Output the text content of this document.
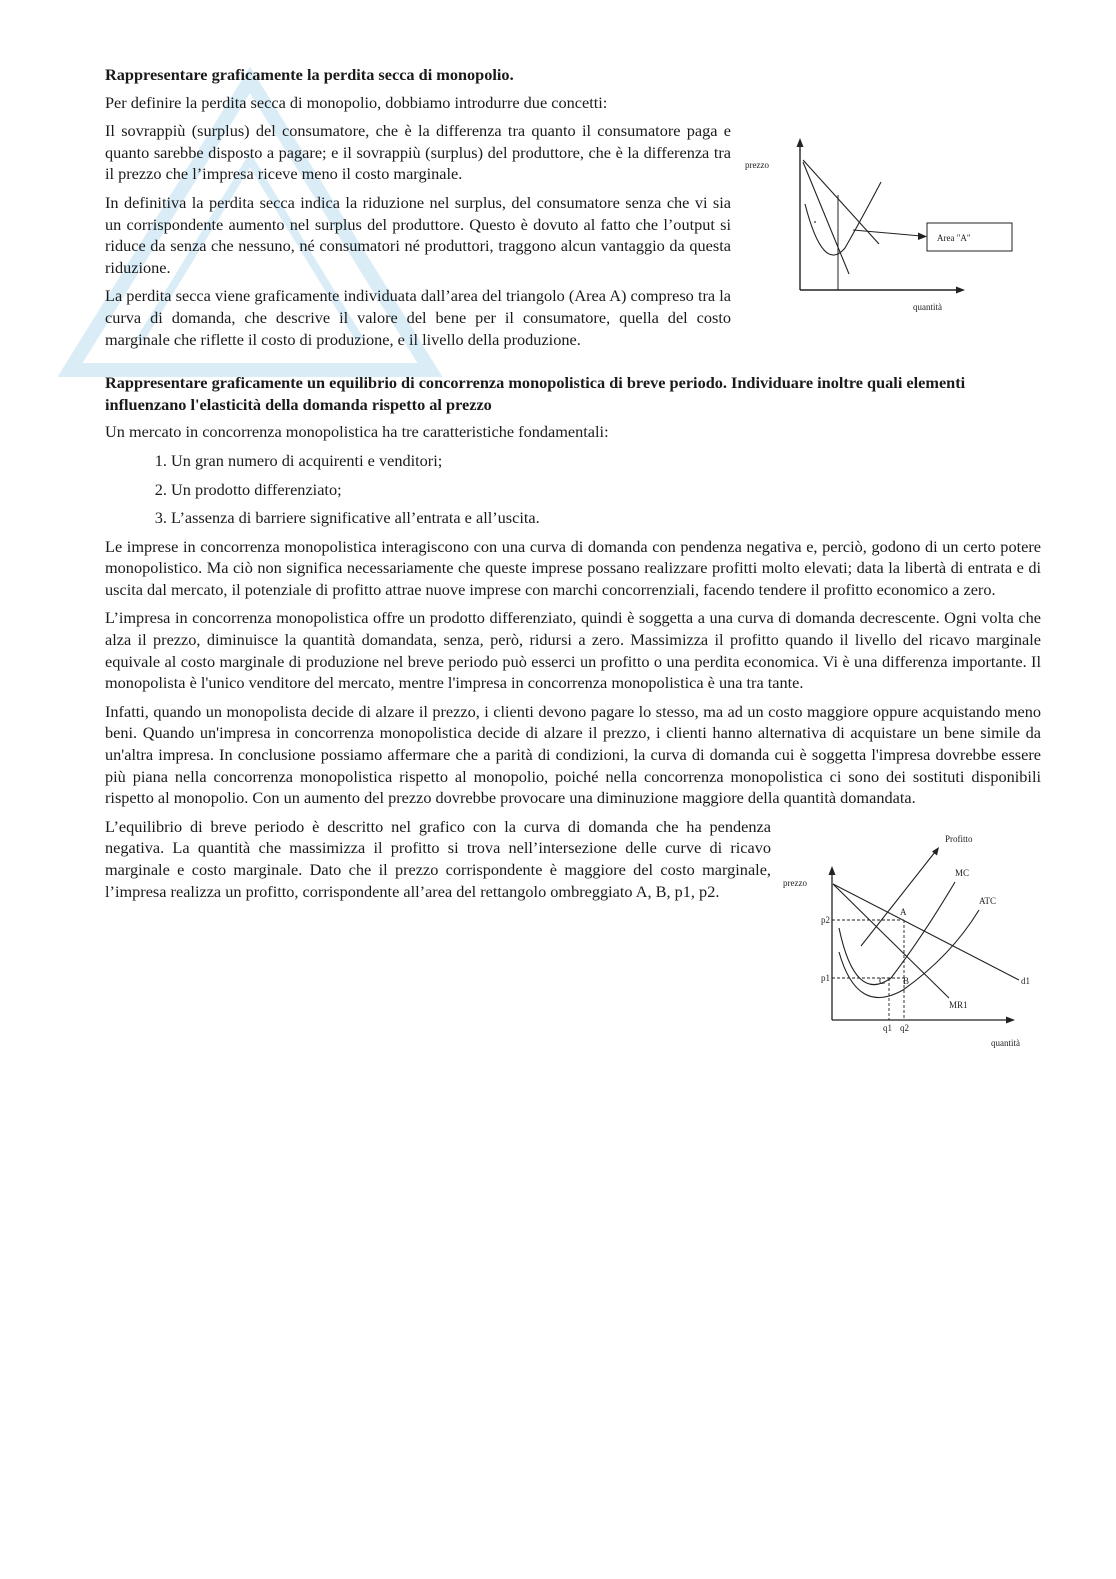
Rappresentare graficamente la perdita secca di monopolio.

Per definire la perdita secca di monopolio, dobbiamo introdurre due concetti:

prezzo
quantità
Area "A"
Il sovrappiù (surplus) del consumatore, che è la differenza tra quanto il consumatore paga e quanto sarebbe disposto a pagare; e il sovrappiù (surplus) del produttore, che è la differenza tra il prezzo che l’impresa riceve meno il costo marginale.

In definitiva la perdita secca indica la riduzione nel surplus, del consumatore senza che vi sia un corrispondente aumento nel surplus del produttore. Questo è dovuto al fatto che l’output si riduce da senza che nessuno, né consumatori né produttori, traggono alcun vantaggio da questa riduzione.

La perdita secca viene graficamente individuata dall’area del triangolo (Area A) compreso tra la curva di domanda, che descrive il valore del bene per il consumatore, quella del costo marginale che riflette il costo di produzione, e il livello della produzione.

Rappresentare graficamente un equilibrio di concorrenza monopolistica di breve periodo. Individuare inoltre quali elementi influenzano l'elasticità della domanda rispetto al prezzo

Un mercato in concorrenza monopolistica ha tre caratteristiche fondamentali:

1. Un gran numero di acquirenti e venditori;
2. Un prodotto differenziato;
3. L’assenza di barriere significative all’entrata e all’uscita.

Le imprese in concorrenza monopolistica interagiscono con una curva di domanda con pendenza negativa e, perciò, godono di un certo potere monopolistico. Ma ciò non significa necessariamente che queste imprese possano realizzare profitti molto elevati; data la libertà di entrata e di uscita dal mercato, il potenziale di profitto attrae nuove imprese con marchi concorrenziali, facendo tendere il profitto economico a zero.

L’impresa in concorrenza monopolistica offre un prodotto differenziato, quindi è soggetta a una curva di domanda decrescente. Ogni volta che alza il prezzo, diminuisce la quantità domandata, senza, però, ridursi a zero. Massimizza il profitto quando il livello del ricavo marginale equivale al costo marginale di produzione nel breve periodo può esserci un profitto o una perdita economica. Vi è una differenza importante. Il monopolista è l'unico venditore del mercato, mentre l'impresa in concorrenza monopolistica è una tra tante.

Infatti, quando un monopolista decide di alzare il prezzo, i clienti devono pagare lo stesso, ma ad un costo maggiore oppure acquistando meno beni. Quando un'impresa in concorrenza monopolistica decide di alzare il prezzo, i clienti hanno alternativa di acquistare un bene simile da un'altra impresa. In conclusione possiamo affermare che a parità di condizioni, la curva di domanda cui è soggetta l'impresa dovrebbe essere più piana nella concorrenza monopolistica rispetto al monopolio, poiché nella concorrenza monopolistica ci sono dei sostituti disponibili rispetto al monopolio. Con un aumento del prezzo dovrebbe provocare una diminuzione maggiore della quantità domandata.

prezzo
quantità
d1
MR1
MC
ATC
Profitto
p2
p1
q1 q2
A
B
C

L’equilibrio di breve periodo è descritto nel grafico con la curva di domanda che ha pendenza negativa. La quantità che massimizza il profitto si trova nell’intersezione delle curve di ricavo marginale e costo marginale. Dato che il prezzo corrispondente è maggiore del costo marginale, l’impresa realizza un profitto, corrispondente all’area del rettangolo ombreggiato A, B, p1, p2.
